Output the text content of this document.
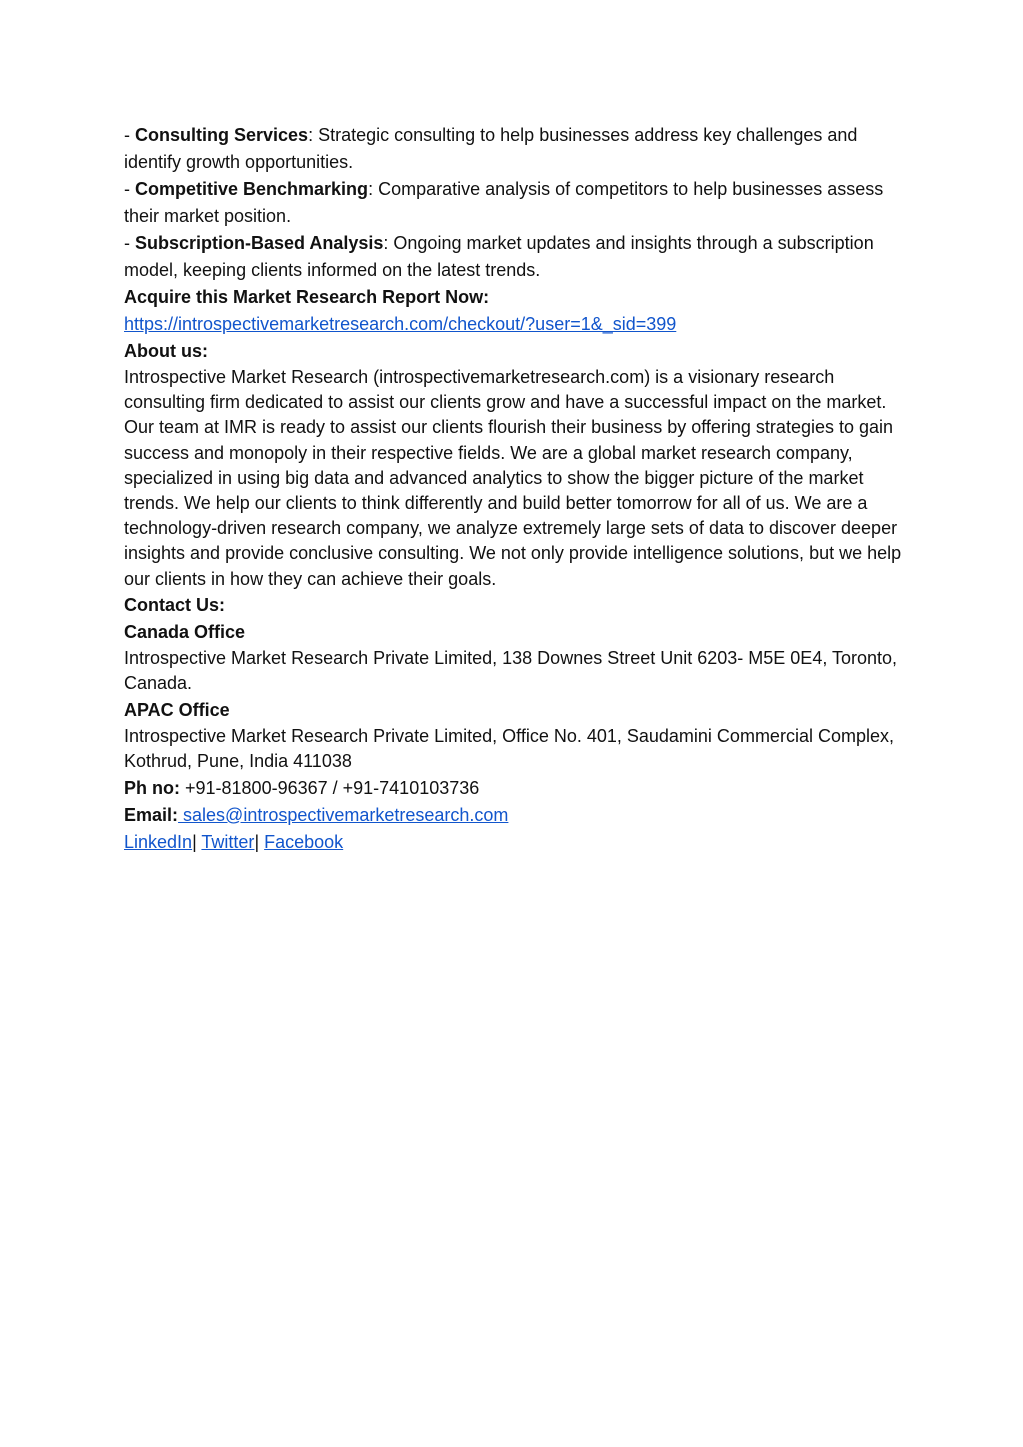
- Consulting Services: Strategic consulting to help businesses address key challenges and identify growth opportunities.

- Competitive Benchmarking: Comparative analysis of competitors to help businesses assess their market position.

- Subscription-Based Analysis: Ongoing market updates and insights through a subscription model, keeping clients informed on the latest trends.

Acquire this Market Research Report Now:

https://introspectivemarketresearch.com/checkout/?user=1&_sid=399

About us:

Introspective Market Research (introspectivemarketresearch.com) is a visionary research consulting firm dedicated to assist our clients grow and have a successful impact on the market. Our team at IMR is ready to assist our clients flourish their business by offering strategies to gain success and monopoly in their respective fields. We are a global market research company, specialized in using big data and advanced analytics to show the bigger picture of the market trends. We help our clients to think differently and build better tomorrow for all of us. We are a technology-driven research company, we analyze extremely large sets of data to discover deeper insights and provide conclusive consulting. We not only provide intelligence solutions, but we help our clients in how they can achieve their goals.

Contact Us:

Canada Office

Introspective Market Research Private Limited, 138 Downes Street Unit 6203- M5E 0E4, Toronto, Canada.

APAC Office

Introspective Market Research Private Limited, Office No. 401, Saudamini Commercial Complex, Kothrud, Pune, India 411038

Ph no: +91-81800-96367 / +91-7410103736

Email: sales@introspectivemarketresearch.com

LinkedIn| Twitter| Facebook
